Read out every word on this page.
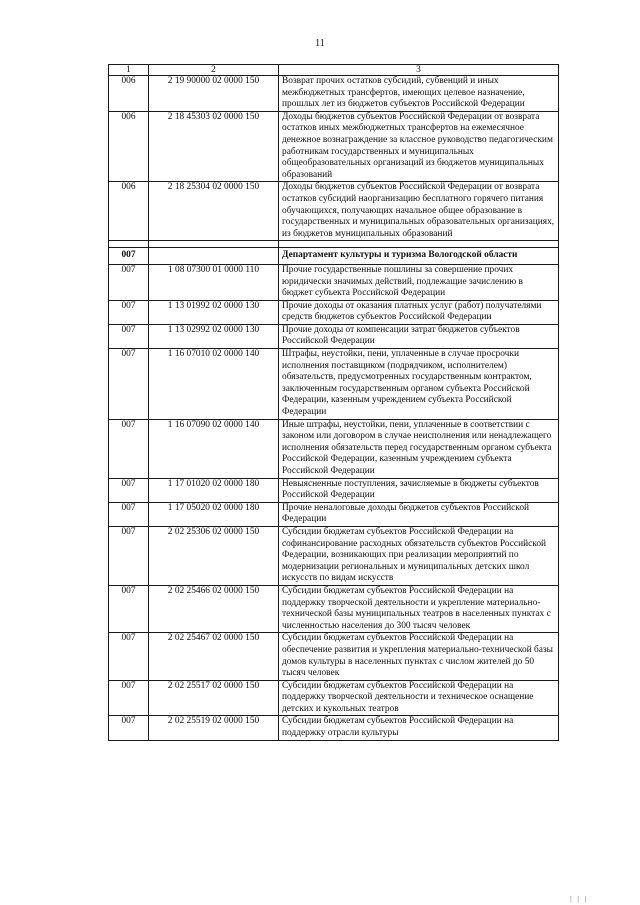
11
1	2	3
006	2 19 90000 02 0000 150	Возврат прочих остатков субсидий, субвенций и иных межбюджетных трансфертов, имеющих целевое назначение, прошлых лет из бюджетов субъектов Российской Федерации
006	2 18 45303 02 0000 150	Доходы бюджетов субъектов Российской Федерации от возврата остатков иных межбюджетных трансфертов на ежемесячное денежное вознаграждение за классное руководство педагогическим работникам государственных и муниципальных общеобразовательных организаций из бюджетов муниципальных образований
006	2 18 25304 02 0000 150	Доходы бюджетов субъектов Российской Федерации от возврата остатков субсидий наорганизацию бесплатного горячего питания обучающихся, получающих начальное общее образование в государственных и муниципальных образовательных организациях, из бюджетов муниципальных образований

007		Департамент культуры и туризма Вологодской области
007	1 08 07300 01 0000 110	Прочие государственные пошлины за совершение прочих юридически значимых действий, подлежащие зачислению в бюджет субъекта Российской Федерации
007	1 13 01992 02 0000 130	Прочие доходы от оказания платных услуг (работ) получателями средств бюджетов субъектов Российской Федерации
007	1 13 02992 02 0000 130	Прочие доходы от компенсации затрат бюджетов субъектов Российской Федерации
007	1 16 07010 02 0000 140	Штрафы, неустойки, пени, уплаченные в случае просрочки исполнения поставщиком (подрядчиком, исполнителем) обязательств, предусмотренных государственным контрактом, заключенным государственным органом субъекта Российской Федерации, казенным учреждением субъекта Российской Федерации
007	1 16 07090 02 0000 140	Иные штрафы, неустойки, пени, уплаченные в соответствии с законом или договором в случае неисполнения или ненадлежащего исполнения обязательств перед государственным органом субъекта Российской Федерации, казенным учреждением субъекта Российской Федерации
007	1 17 01020 02 0000 180	Невыясненные поступления, зачисляемые в бюджеты субъектов Российской Федерации
007	1 17 05020 02 0000 180	Прочие неналоговые доходы бюджетов субъектов Российской Федерации
007	2 02 25306 02 0000 150	Субсидии бюджетам субъектов Российской Федерации на софинансирование расходных обязательств субъектов Российской Федерации, возникающих при реализации мероприятий по модернизации региональных и муниципальных детских школ искусств по видам искусств
007	2 02 25466 02 0000 150	Субсидии бюджетам субъектов Российской Федерации на поддержку творческой деятельности и укрепление материально-технической базы муниципальных театров в населенных пунктах с численностью населения до 300 тысяч человек
007	2 02 25467 02 0000 150	Субсидии бюджетам субъектов Российской Федерации на обеспечение развития и укрепления материально-технической базы домов культуры в населенных пунктах с числом жителей до 50 тысяч человек
007	2 02 25517 02 0000 150	Субсидии бюджетам субъектов Российской Федерации на поддержку творческой деятельности и техническое оснащение детских и кукольных театров
007	2 02 25519 02 0000 150	Субсидии бюджетам субъектов Российской Федерации на поддержку отрасли культуры
| | |
